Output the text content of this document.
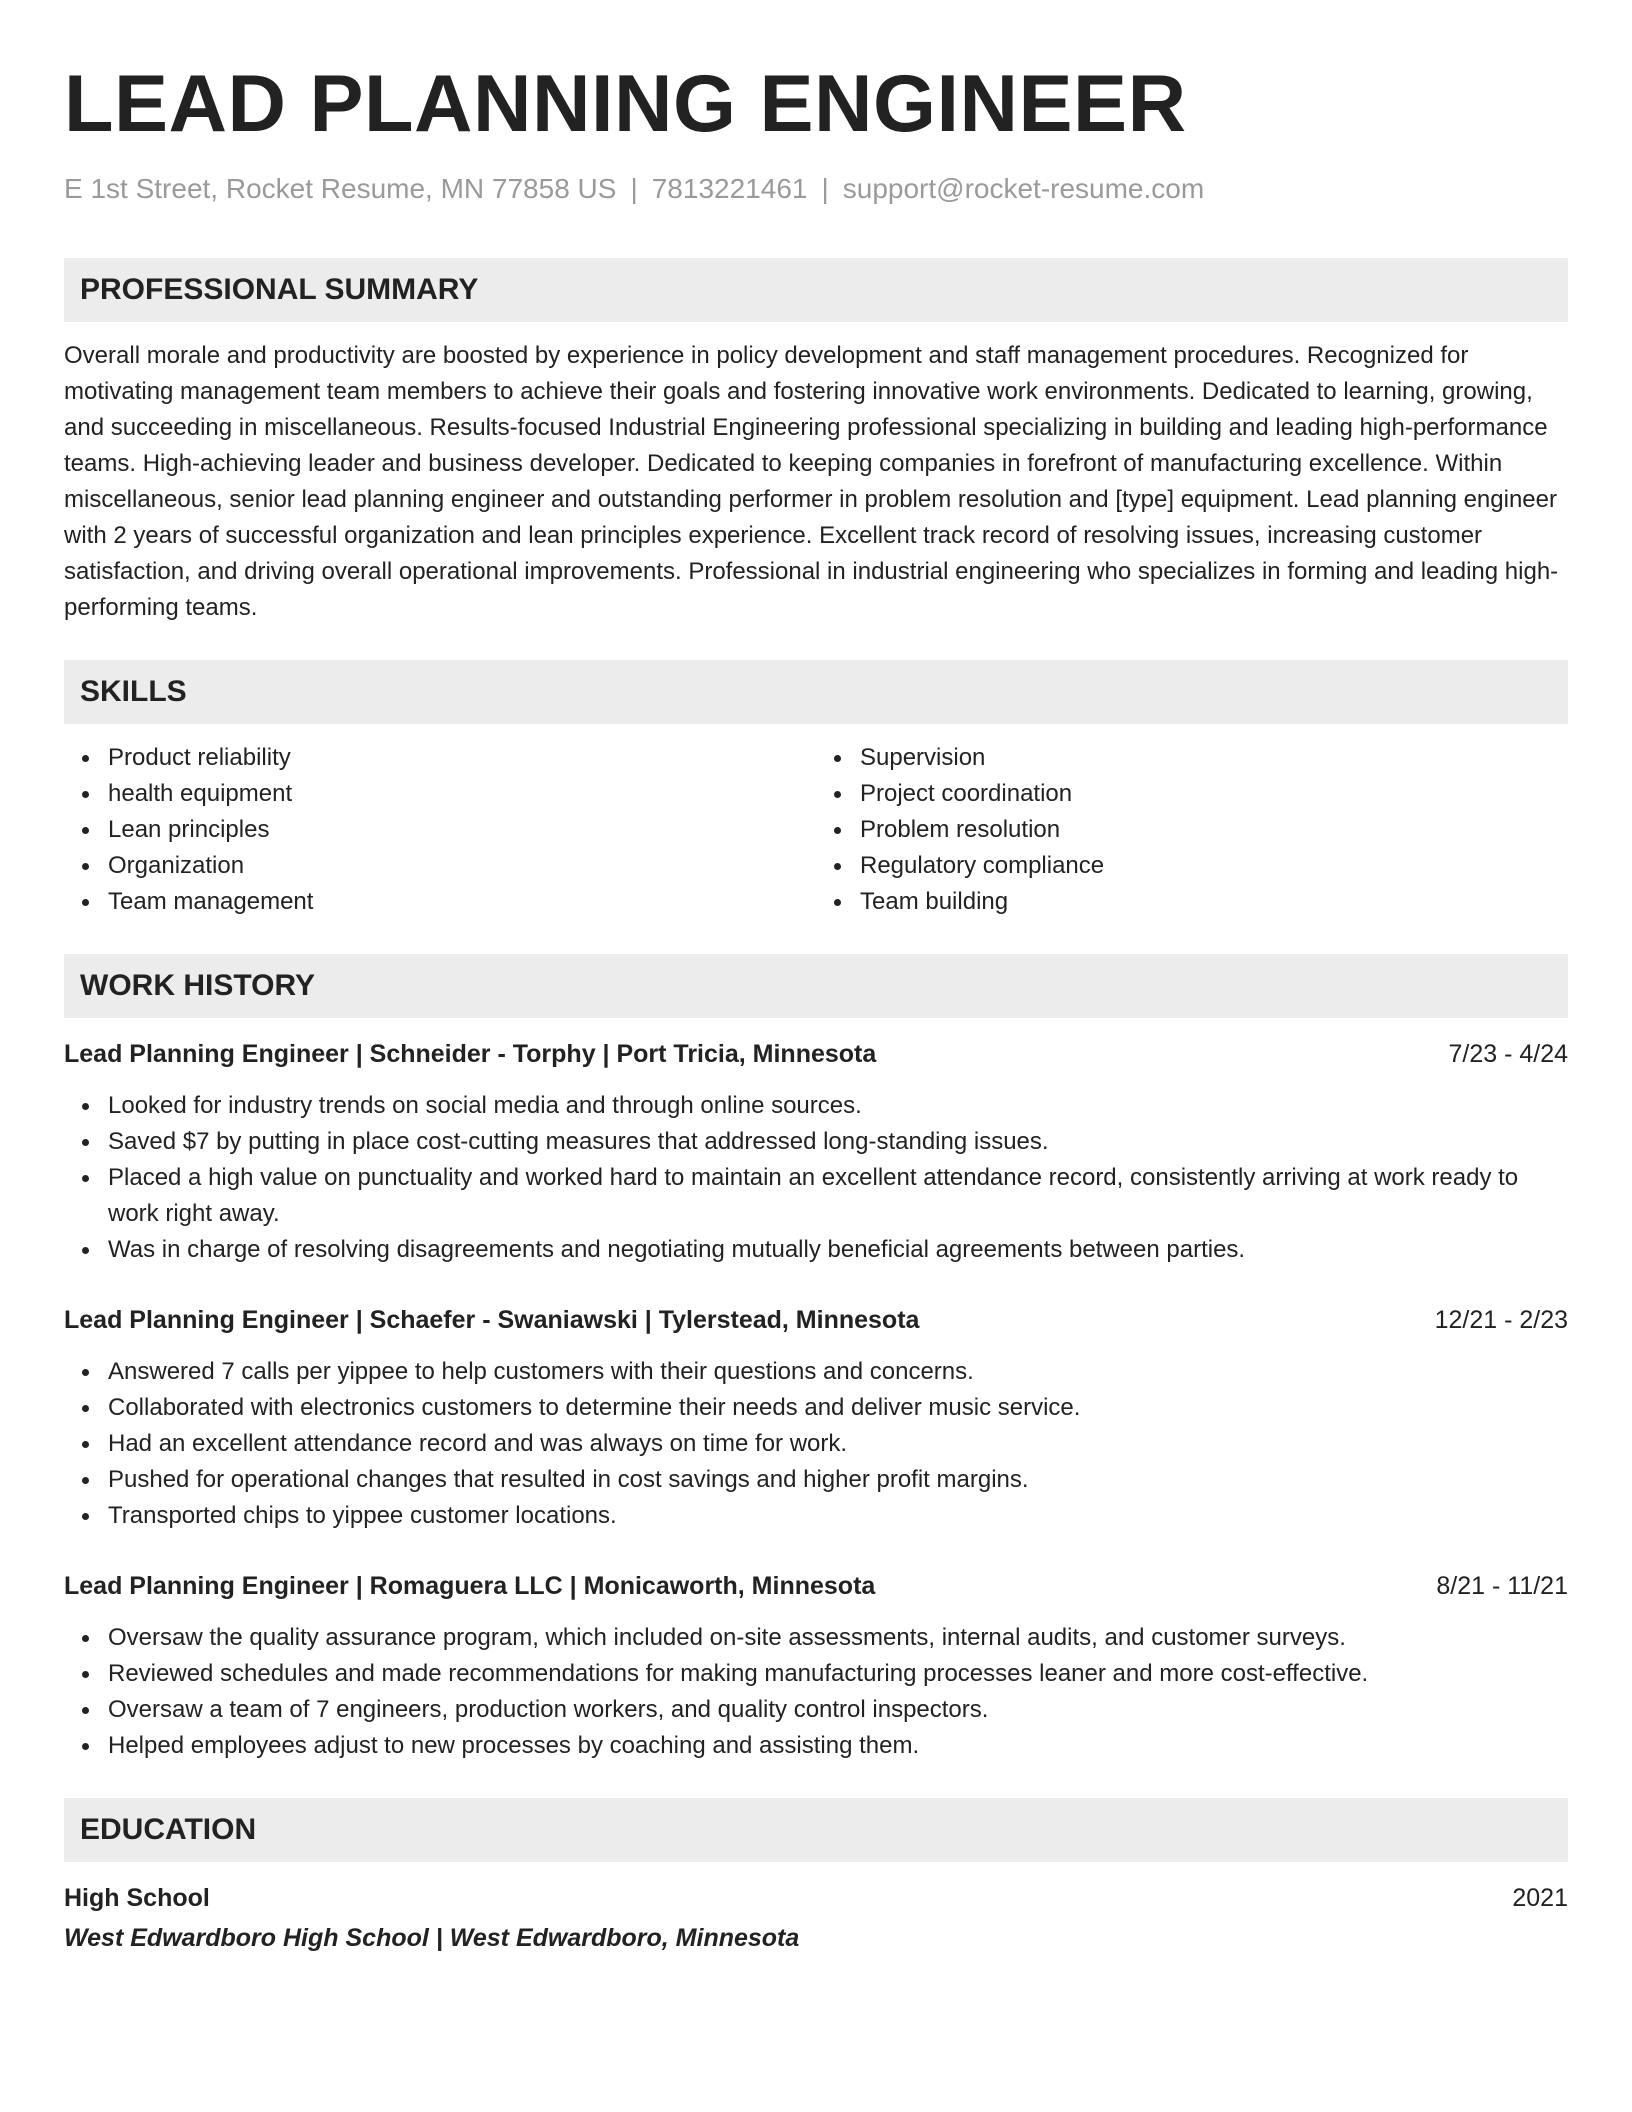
LEAD PLANNING ENGINEER
E 1st Street, Rocket Resume, MN 77858 US | 7813221461 | support@rocket-resume.com
PROFESSIONAL SUMMARY

Overall morale and productivity are boosted by experience in policy development and staff management procedures. Recognized for motivating management team members to achieve their goals and fostering innovative work environments. Dedicated to learning, growing, and succeeding in miscellaneous. Results-focused Industrial Engineering professional specializing in building and leading high-performance teams. High-achieving leader and business developer. Dedicated to keeping companies in forefront of manufacturing excellence. Within miscellaneous, senior lead planning engineer and outstanding performer in problem resolution and [type] equipment. Lead planning engineer with 2 years of successful organization and lean principles experience. Excellent track record of resolving issues, increasing customer satisfaction, and driving overall operational improvements. Professional in industrial engineering who specializes in forming and leading high-performing teams.

SKILLS
Product reliability
health equipment
Lean principles
Organization
Team management
Supervision
Project coordination
Problem resolution
Regulatory compliance
Team building
WORK HISTORY
Lead Planning Engineer | Schneider - Torphy | Port Tricia, Minnesota	7/23 - 4/24
Looked for industry trends on social media and through online sources.
Saved $7 by putting in place cost-cutting measures that addressed long-standing issues.
Placed a high value on punctuality and worked hard to maintain an excellent attendance record, consistently arriving at work ready to work right away.
Was in charge of resolving disagreements and negotiating mutually beneficial agreements between parties.
Lead Planning Engineer | Schaefer - Swaniawski | Tylerstead, Minnesota	12/21 - 2/23
Answered 7 calls per yippee to help customers with their questions and concerns.
Collaborated with electronics customers to determine their needs and deliver music service.
Had an excellent attendance record and was always on time for work.
Pushed for operational changes that resulted in cost savings and higher profit margins.
Transported chips to yippee customer locations.
Lead Planning Engineer | Romaguera LLC | Monicaworth, Minnesota	8/21 - 11/21
Oversaw the quality assurance program, which included on-site assessments, internal audits, and customer surveys.
Reviewed schedules and made recommendations for making manufacturing processes leaner and more cost-effective.
Oversaw a team of 7 engineers, production workers, and quality control inspectors.
Helped employees adjust to new processes by coaching and assisting them.
EDUCATION
High School	2021
West Edwardboro High School | West Edwardboro, Minnesota
